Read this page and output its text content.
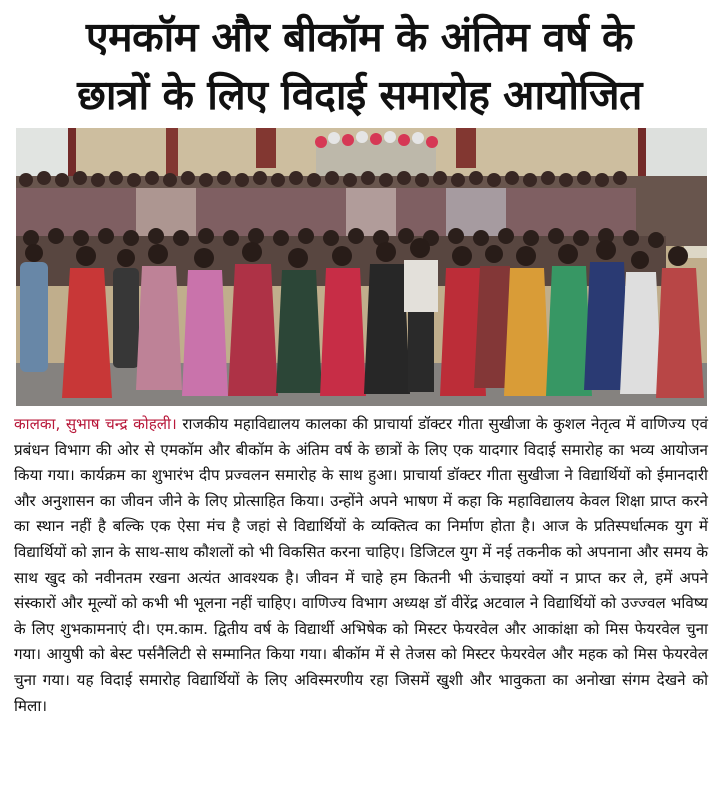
एमकॉम और बीकॉम के अंतिम वर्ष के
छात्रों के लिए विदाई समारोह आयोजित
कालका, सुभाष चन्द्र कोहली। राजकीय महाविद्यालय कालका की प्राचार्या डॉक्टर गीता सुखीजा के कुशल नेतृत्व में वाणिज्य एवं प्रबंधन विभाग की ओर से एमकॉम और बीकॉम के अंतिम वर्ष के छात्रों के लिए एक यादगार विदाई समारोह का भव्य आयोजन किया गया। कार्यक्रम का शुभारंभ दीप प्रज्वलन समारोह के साथ हुआ। प्राचार्या डॉक्टर गीता सुखीजा ने विद्यार्थियों को ईमानदारी और अनुशासन का जीवन जीने के लिए प्रोत्साहित किया। उन्होंने अपने भाषण में कहा कि महाविद्यालय केवल शिक्षा प्राप्त करने का स्थान नहीं है बल्कि एक ऐसा मंच है जहां से विद्यार्थियों के व्यक्तित्व का निर्माण होता है। आज के प्रतिस्पर्धात्मक युग में विद्यार्थियों को ज्ञान के साथ-साथ कौशलों को भी विकसित करना चाहिए। डिजिटल युग में नई तकनीक को अपनाना और समय के साथ खुद को नवीनतम रखना अत्यंत आवश्यक है। जीवन में चाहे हम कितनी भी ऊंचाइयां क्यों न प्राप्त कर ले, हमें अपने संस्कारों और मूल्यों को कभी भी भूलना नहीं चाहिए। वाणिज्य विभाग अध्यक्ष डॉ वीरेंद्र अटवाल ने विद्यार्थियों को उज्ज्वल भविष्य के लिए शुभकामनाएं दी। एम.काम. द्वितीय वर्ष के विद्यार्थी अभिषेक को मिस्टर फेयरवेल और आकांक्षा को मिस फेयरवेल चुना गया। आयुषी को बेस्ट पर्सनैलिटी से सम्मानित किया गया। बीकॉम में से तेजस को मिस्टर फेयरवेल और महक को मिस फेयरवेल चुना गया। यह विदाई समारोह विद्यार्थियों के लिए अविस्मरणीय रहा जिसमें खुशी और भावुकता का अनोखा संगम देखने को मिला।
